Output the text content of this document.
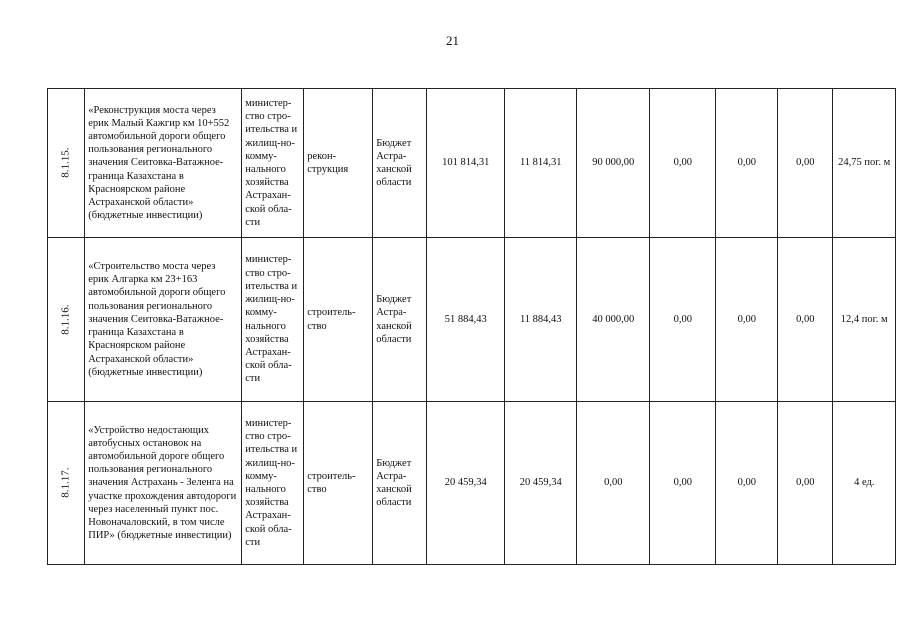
21
8.1.15.	«Реконструкция моста через ерик Малый Кажгир км 10+552 автомобильной дороги общего пользования регионального значения Сеитовка-Ватажное-граница Казахстана в Красноярском районе Астраханской области» (бюджетные инвестиции)	министер-ство стро-ительства и жилищ-но-комму-нального хозяйства Астрахан-ской обла-сти	рекон-струкция	Бюджет Астра-ханской области	101 814,31	11 814,31	90 000,00	0,00	0,00	0,00	24,75 пог. м
8.1.16.	«Строительство моста через ерик Алгарка км 23+163 автомобильной дороги общего пользования регионального значения Сеитовка-Ватажное-граница Казахстана в Красноярском районе Астраханской области» (бюджетные инвестиции)	министер-ство стро-ительства и жилищ-но-комму-нального хозяйства Астрахан-ской обла-сти	строитель-ство	Бюджет Астра-ханской области	51 884,43	11 884,43	40 000,00	0,00	0,00	0,00	12,4 пог. м
8.1.17.	«Устройство недостающих автобусных остановок на автомобильной дороге общего пользования регионального значения Астрахань - Зеленга на участке прохождения автодороги через населенный пункт пос. Новоначаловский, в том числе ПИР» (бюджетные инвестиции)	министер-ство стро-ительства и жилищ-но-комму-нального хозяйства Астрахан-ской обла-сти	строитель-ство	Бюджет Астра-ханской области	20 459,34	20 459,34	0,00	0,00	0,00	0,00	4 ед.
